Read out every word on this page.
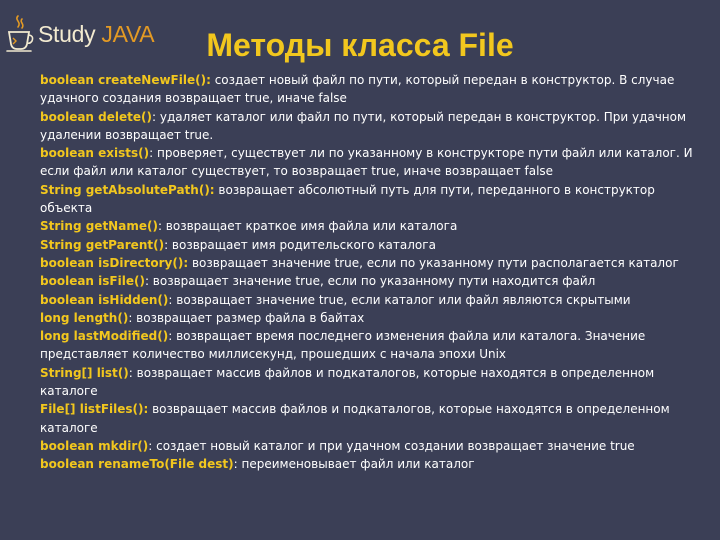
Study JAVA	Методы класса File
boolean createNewFile(): создает новый файл по пути, который передан в конструктор. В случае удачного создания возвращает true, иначе false
boolean delete(): удаляет каталог или файл по пути, который передан в конструктор. При удачном удалении возвращает true.
boolean exists(): проверяет, существует ли по указанному в конструкторе пути файл или каталог. И если файл или каталог существует, то возвращает true, иначе возвращает false
String getAbsolutePath(): возвращает абсолютный путь для пути, переданного в конструктор объекта
String getName(): возвращает краткое имя файла или каталога
String getParent(): возвращает имя родительского каталога
boolean isDirectory(): возвращает значение true, если по указанному пути располагается каталог
boolean isFile(): возвращает значение true, если по указанному пути находится файл
boolean isHidden(): возвращает значение true, если каталог или файл являются скрытыми
long length(): возвращает размер файла в байтах
long lastModified(): возвращает время последнего изменения файла или каталога. Значение представляет количество миллисекунд, прошедших с начала эпохи Unix
String[] list(): возвращает массив файлов и подкаталогов, которые находятся в определенном каталоге
File[] listFiles(): возвращает массив файлов и подкаталогов, которые находятся в определенном каталоге
boolean mkdir(): создает новый каталог и при удачном создании возвращает значение true
boolean renameTo(File dest): переименовывает файл или каталог
